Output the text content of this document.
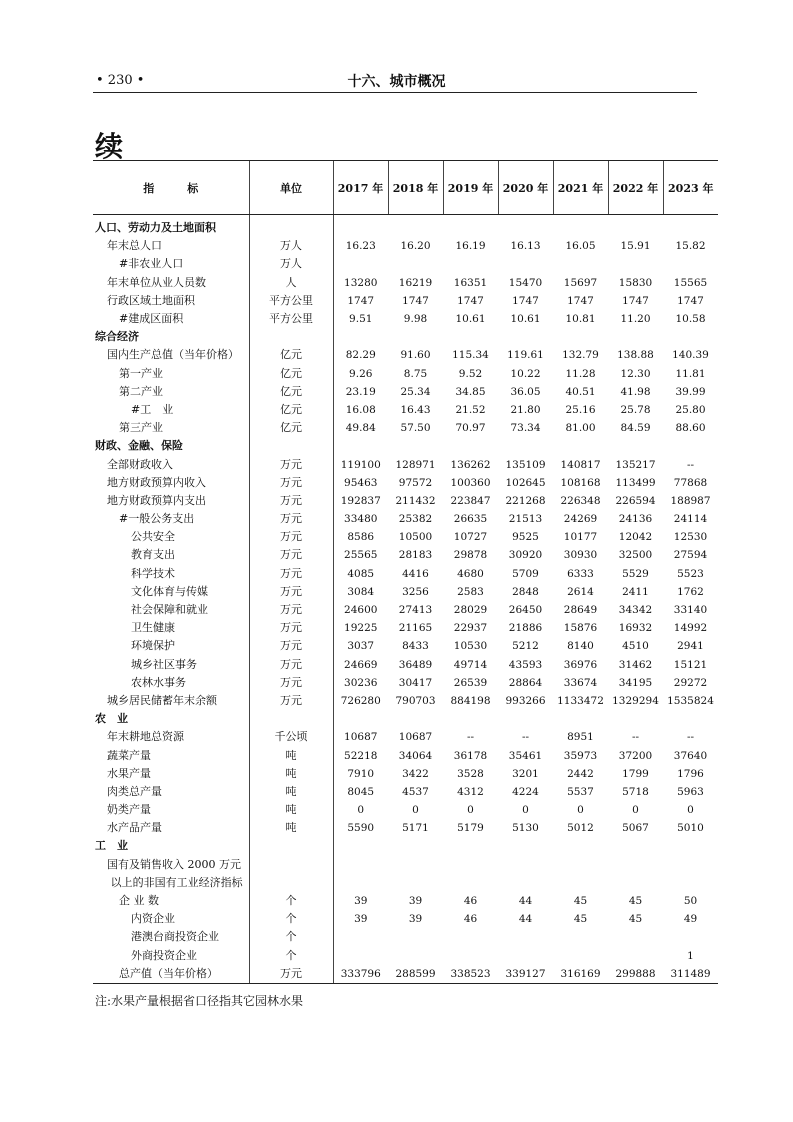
• 230 •	十六、城市概况
续
指　　　标	单位	2017 年	2018 年	2019 年	2020 年	2021 年	2022 年	2023 年
人口、劳动力及土地面积								
年末总人口	万人	16.23	16.20	16.19	16.13	16.05	15.91	15.82
#非农业人口	万人							
年末单位从业人员数	人	13280	16219	16351	15470	15697	15830	15565
行政区域土地面积	平方公里	1747	1747	1747	1747	1747	1747	1747
#建成区面积	平方公里	9.51	9.98	10.61	10.61	10.81	11.20	10.58
综合经济								
国内生产总值（当年价格）	亿元	82.29	91.60	115.34	119.61	132.79	138.88	140.39
第一产业	亿元	9.26	8.75	9.52	10.22	11.28	12.30	11.81
第二产业	亿元	23.19	25.34	34.85	36.05	40.51	41.98	39.99
#工　业	亿元	16.08	16.43	21.52	21.80	25.16	25.78	25.80
第三产业	亿元	49.84	57.50	70.97	73.34	81.00	84.59	88.60
财政、金融、保险								
全部财政收入	万元	119100	128971	136262	135109	140817	135217	--
地方财政预算内收入	万元	95463	97572	100360	102645	108168	113499	77868
地方财政预算内支出	万元	192837	211432	223847	221268	226348	226594	188987
#一般公务支出	万元	33480	25382	26635	21513	24269	24136	24114
公共安全	万元	8586	10500	10727	9525	10177	12042	12530
教育支出	万元	25565	28183	29878	30920	30930	32500	27594
科学技术	万元	4085	4416	4680	5709	6333	5529	5523
文化体育与传媒	万元	3084	3256	2583	2848	2614	2411	1762
社会保障和就业	万元	24600	27413	28029	26450	28649	34342	33140
卫生健康	万元	19225	21165	22937	21886	15876	16932	14992
环境保护	万元	3037	8433	10530	5212	8140	4510	2941
城乡社区事务	万元	24669	36489	49714	43593	36976	31462	15121
农林水事务	万元	30236	30417	26539	28864	33674	34195	29272
城乡居民储蓄年末余额	万元	726280	790703	884198	993266	1133472	1329294	1535824
农　业								
年末耕地总资源	千公顷	10687	10687	--	--	8951	--	--
蔬菜产量	吨	52218	34064	36178	35461	35973	37200	37640
水果产量	吨	7910	3422	3528	3201	2442	1799	1796
肉类总产量	吨	8045	4537	4312	4224	5537	5718	5963
奶类产量	吨	0	0	0	0	0	0	0
水产品产量	吨	5590	5171	5179	5130	5012	5067	5010
工　业								
国有及销售收入 2000 万元								
以上的非国有工业经济指标								
企 业 数	个	39	39	46	44	45	45	50
内资企业	个	39	39	46	44	45	45	49
港澳台商投资企业	个							
外商投资企业	个							1
总产值（当年价格）	万元	333796	288599	338523	339127	316169	299888	311489
注:水果产量根据省口径指其它园林水果
